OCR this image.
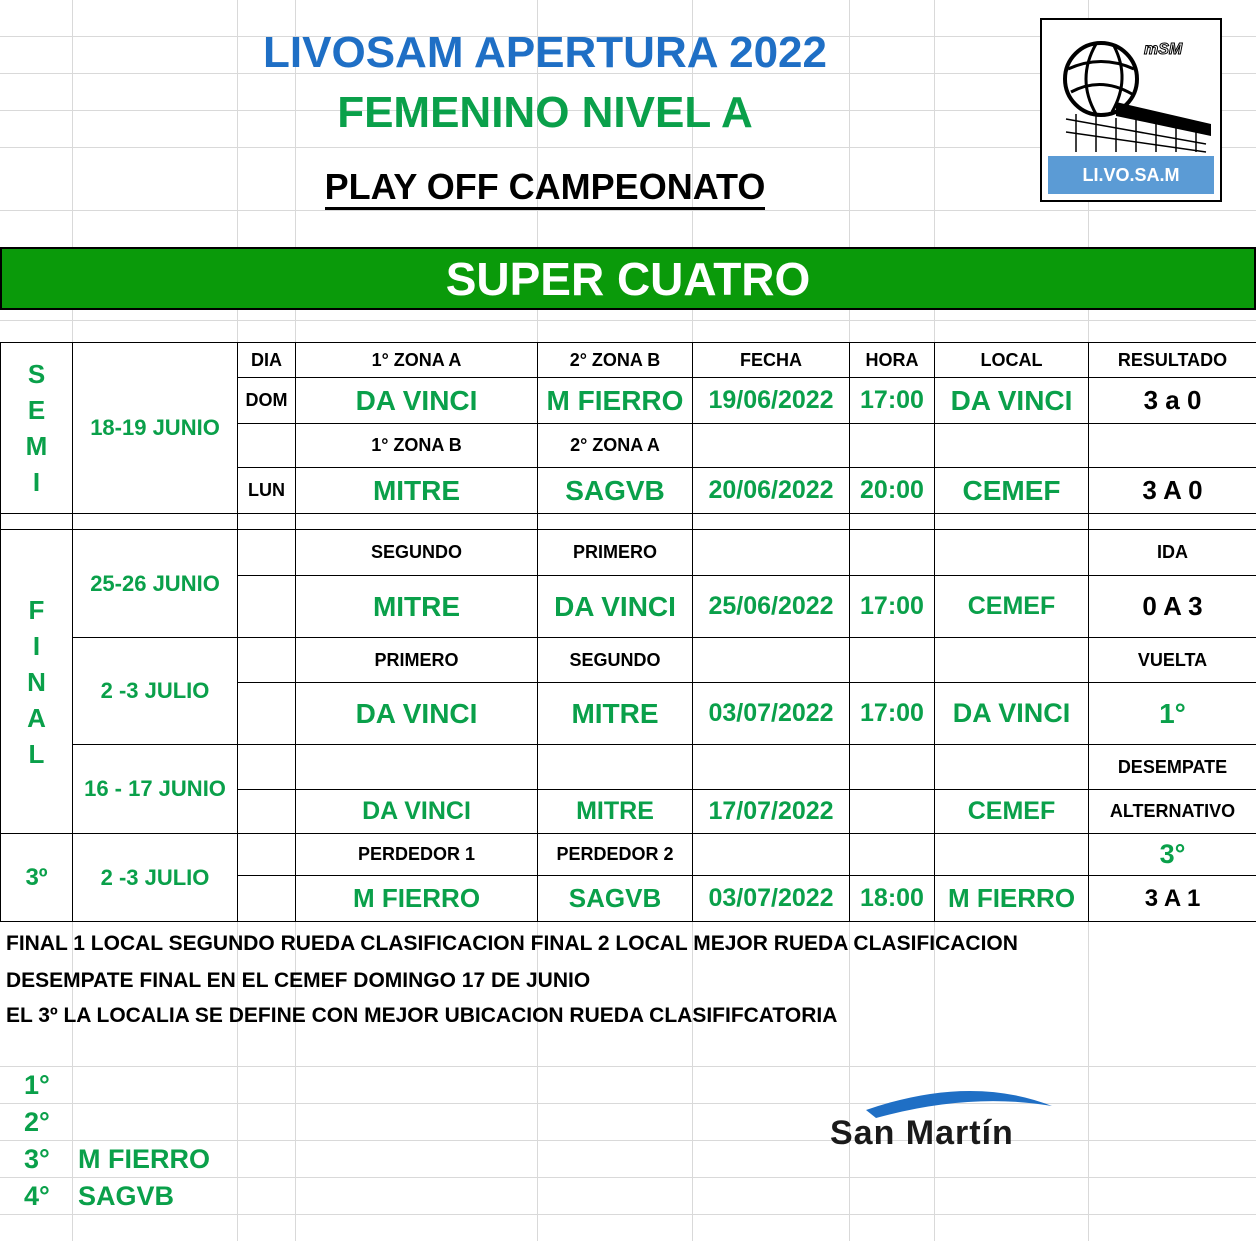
LIVOSAM APERTURA 2022
FEMENINO NIVEL A
PLAY OFF CAMPEONATO
mSM
LI.VO.SA.M
SUPER CUATRO
S
E
M
I	18-19 JUNIO	DIA	1° ZONA A	2° ZONA B	FECHA	HORA	LOCAL	RESULTADO
		DOM	DA VINCI	M FIERRO	19/06/2022	17:00	DA VINCI	3 a 0
			1° ZONA B	2° ZONA A				
		LUN	MITRE	SAGVB	20/06/2022	20:00	CEMEF	3 A 0

F
I
N
A
L	25-26 JUNIO		SEGUNDO	PRIMERO				IDA
			MITRE	DA VINCI	25/06/2022	17:00	CEMEF	0 A 3
	2 -3 JULIO		PRIMERO	SEGUNDO				VUELTA
			DA VINCI	MITRE	03/07/2022	17:00	DA VINCI	1°
	16 - 17 JUNIO							DESEMPATE
			DA VINCI	MITRE	17/07/2022		CEMEF	ALTERNATIVO
3º	2 -3 JULIO		PERDEDOR 1	PERDEDOR 2				3°
			M FIERRO	SAGVB	03/07/2022	18:00	M FIERRO	3 A 1
FINAL 1 LOCAL SEGUNDO RUEDA CLASIFICACION FINAL 2 LOCAL MEJOR RUEDA CLASIFICACION
DESEMPATE FINAL EN EL CEMEF DOMINGO 17 DE JUNIO
EL 3º LA LOCALIA SE DEFINE CON MEJOR UBICACION RUEDA CLASIFIFCATORIA
1°
2°
3° M FIERRO
4° SAGVB
San Martín
